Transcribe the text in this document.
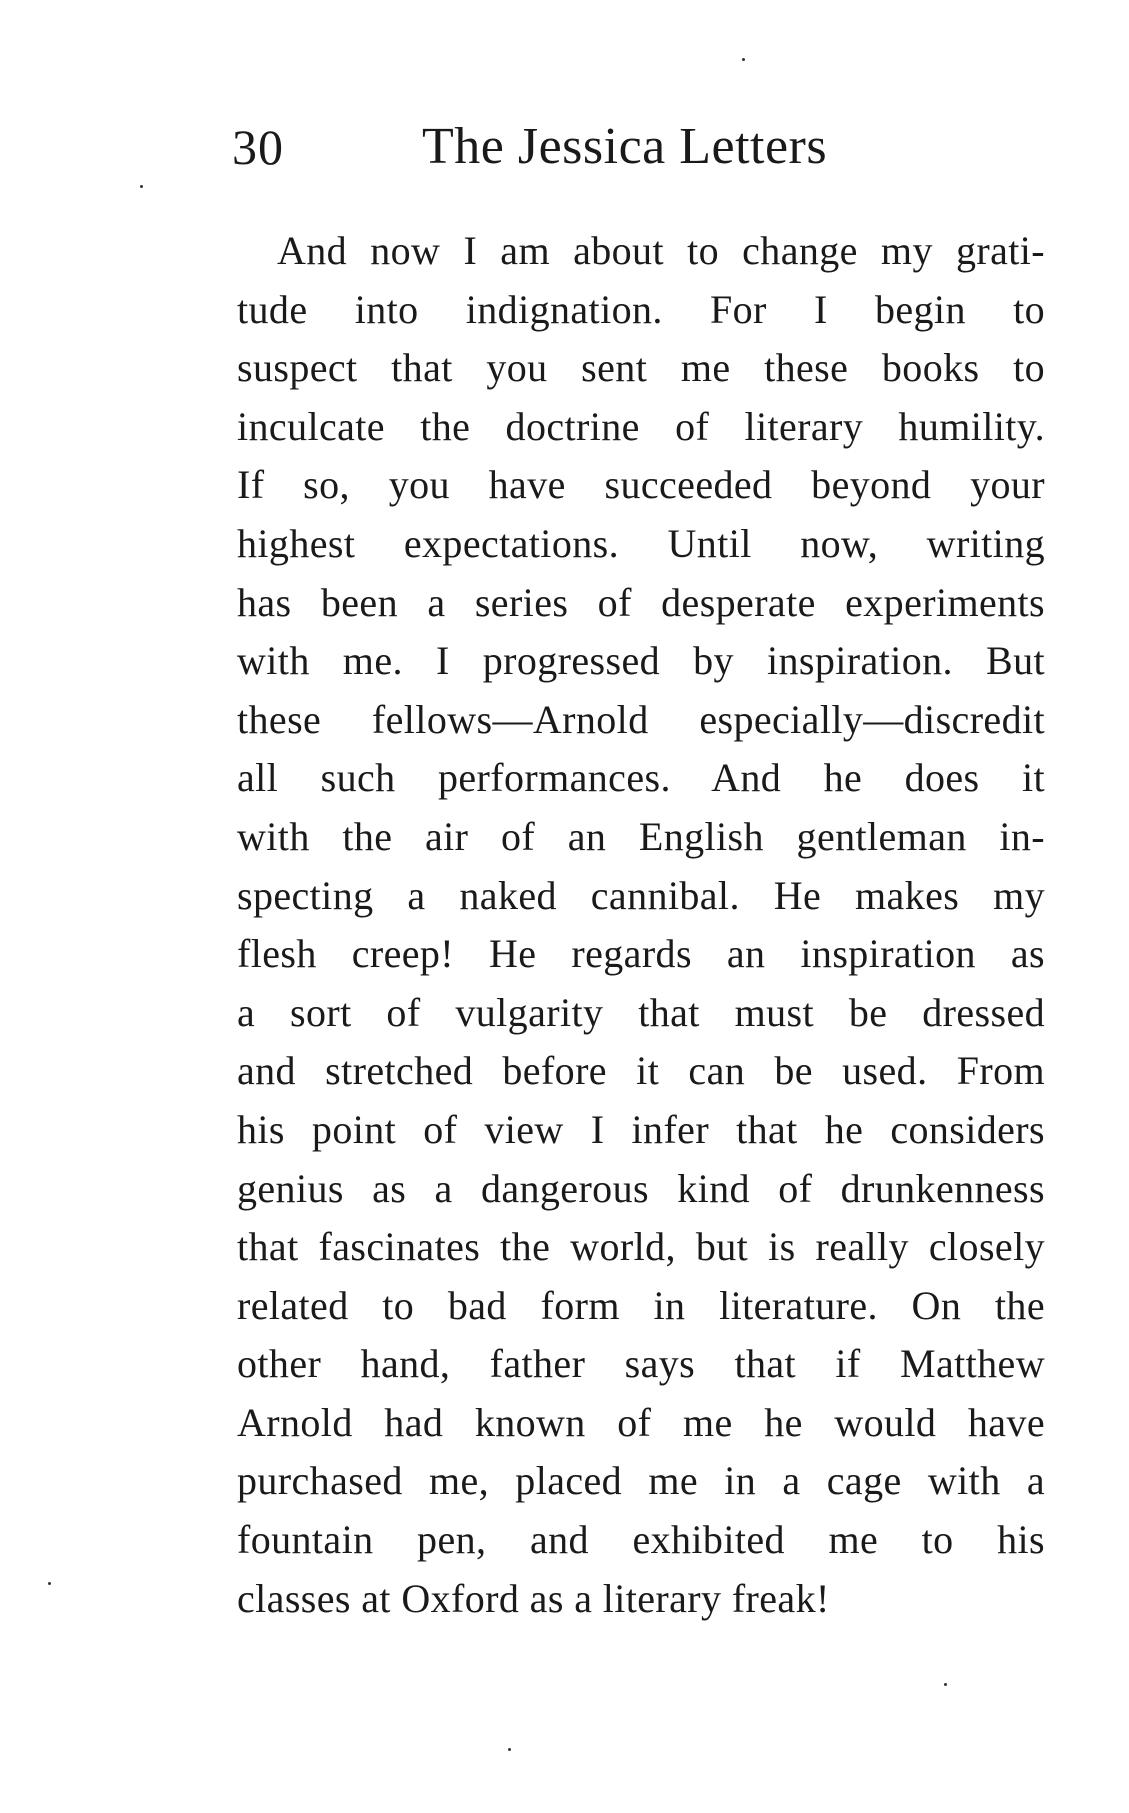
30	The Jessica Letters
And now I am about to change my grati-
tude into indignation. For I begin to
suspect that you sent me these books to
inculcate the doctrine of literary humility.
If so, you have succeeded beyond your
highest expectations. Until now, writing
has been a series of desperate experiments
with me. I progressed by inspiration. But
these fellows—Arnold especially—discredit
all such performances. And he does it
with the air of an English gentleman in-
specting a naked cannibal. He makes my
flesh creep! He regards an inspiration as
a sort of vulgarity that must be dressed
and stretched before it can be used. From
his point of view I infer that he considers
genius as a dangerous kind of drunkenness
that fascinates the world, but is really closely
related to bad form in literature. On the
other hand, father says that if Matthew
Arnold had known of me he would have
purchased me, placed me in a cage with a
fountain pen, and exhibited me to his
classes at Oxford as a literary freak!
